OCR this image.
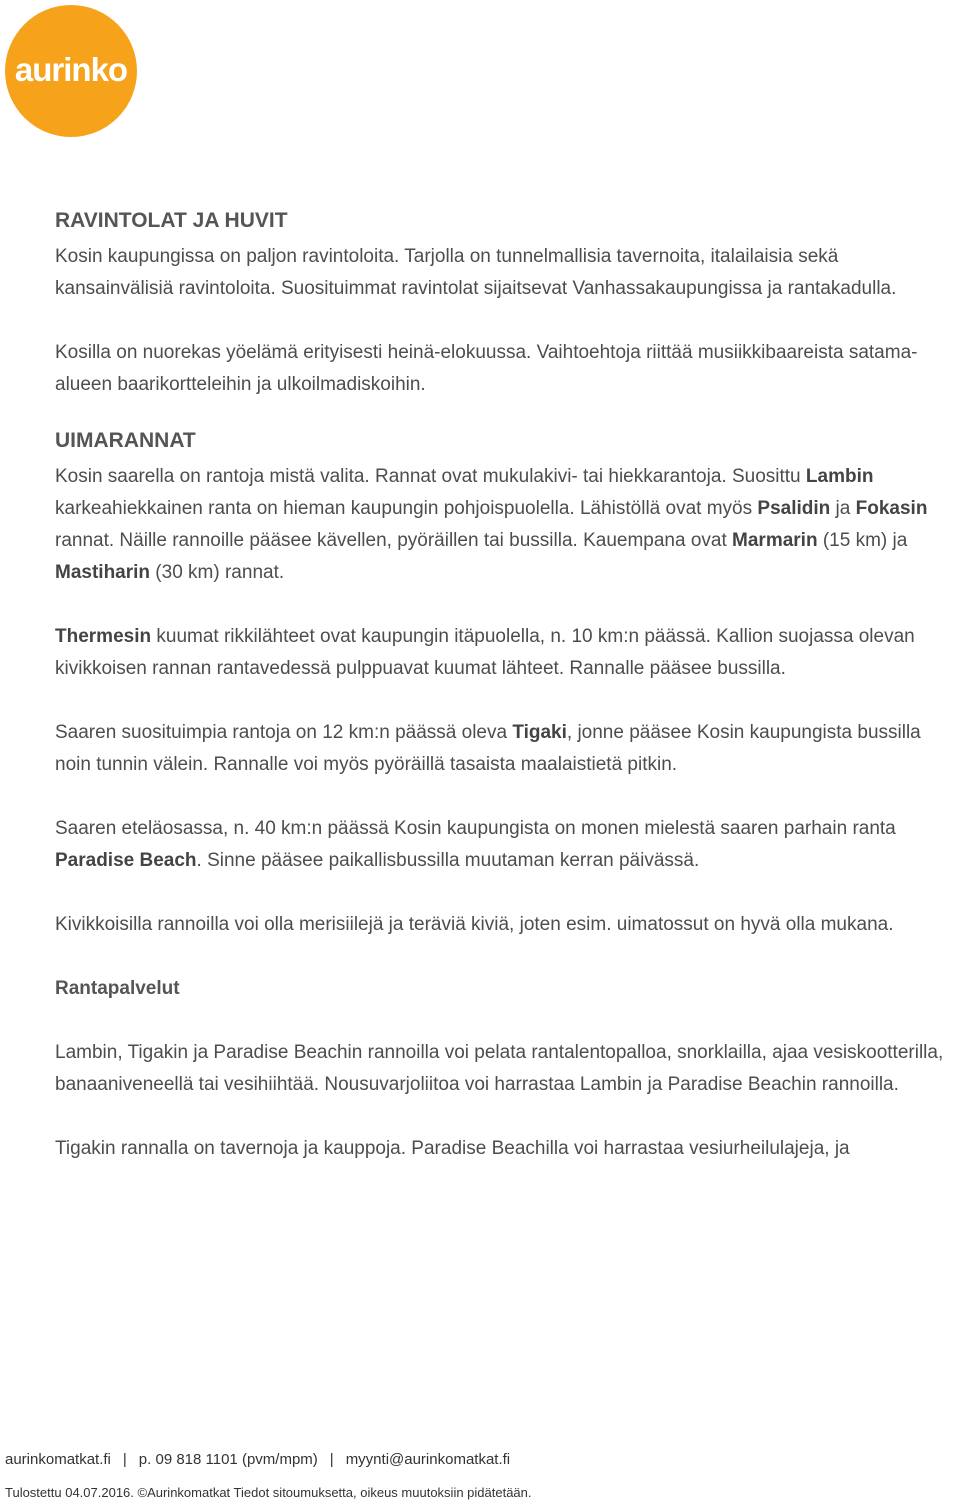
aurinko
RAVINTOLAT JA HUVIT

Kosin kaupungissa on paljon ravintoloita. Tarjolla on tunnelmallisia tavernoita, italailaisia sekä kansainvälisiä ravintoloita. Suosituimmat ravintolat sijaitsevat Vanhassakaupungissa ja rantakadulla.

Kosilla on nuorekas yöelämä erityisesti heinä-elokuussa. Vaihtoehtoja riittää musiikkibaareista satama-alueen baarikortteleihin ja ulkoilmadiskoihin.

UIMARANNAT

Kosin saarella on rantoja mistä valita. Rannat ovat mukulakivi- tai hiekkarantoja. Suosittu Lambin karkeahiekkainen ranta on hieman kaupungin pohjoispuolella. Lähistöllä ovat myös Psalidin ja Fokasin rannat. Näille rannoille pääsee kävellen, pyöräillen tai bussilla. Kauempana ovat Marmarin (15 km) ja Mastiharin (30 km) rannat.

Thermesin kuumat rikkilähteet ovat kaupungin itäpuolella, n. 10 km:n päässä. Kallion suojassa olevan kivikkoisen rannan rantavedessä pulppuavat kuumat lähteet. Rannalle pääsee bussilla.

Saaren suosituimpia rantoja on 12 km:n päässä oleva Tigaki, jonne pääsee Kosin kaupungista bussilla noin tunnin välein. Rannalle voi myös pyöräillä tasaista maalaistietä pitkin.

Saaren eteläosassa, n. 40 km:n päässä Kosin kaupungista on monen mielestä saaren parhain ranta Paradise Beach. Sinne pääsee paikallisbussilla muutaman kerran päivässä.

Kivikkoisilla rannoilla voi olla merisiilejä ja teräviä kiviä, joten esim. uimatossut on hyvä olla mukana.

Rantapalvelut

Lambin, Tigakin ja Paradise Beachin rannoilla voi pelata rantalentopalloa, snorklailla, ajaa vesiskootterilla, banaaniveneellä tai vesihiihtää. Nousuvarjoliitoa voi harrastaa Lambin ja Paradise Beachin rannoilla.

Tigakin rannalla on tavernoja ja kauppoja. Paradise Beachilla voi harrastaa vesiurheilulajeja, ja

aurinkomatkat.fi | p. 09 818 1101 (pvm/mpm) | myynti@aurinkomatkat.fi
Tulostettu 04.07.2016. ©Aurinkomatkat Tiedot sitoumuksetta, oikeus muutoksiin pidätetään.
